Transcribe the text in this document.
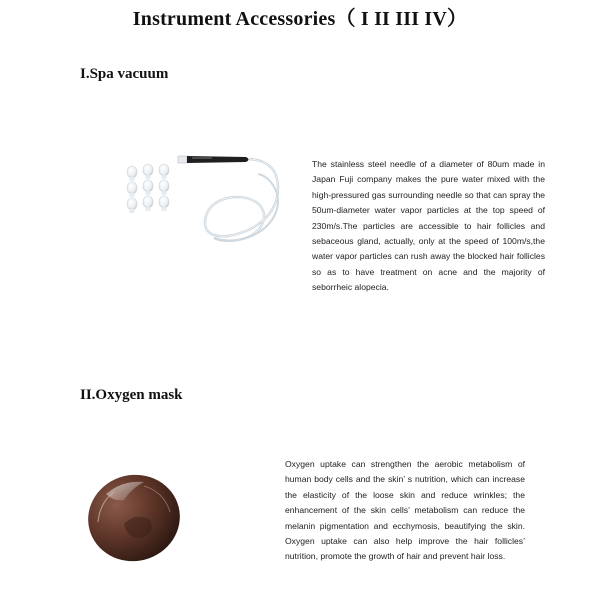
Instrument Accessories（ I II III IV）
I.Spa vacuum
The stainless steel needle of a diameter of 80um made in Japan Fuji company makes the pure water mixed with the high-pressured gas surrounding needle so that can spray the 50um-diameter water vapor particles at the top speed of 230m/s.The particles are accessible to hair follicles and sebaceous gland, actually, only at the speed of 100m/s,the water vapor particles can rush away the blocked hair follicles so as to have treatment on acne and the majority of seborrheic alopecia.
II.Oxygen mask
Oxygen uptake can strengthen the aerobic metabolism of human body cells and the skin’ s nutrition, which can increase the elasticity of the loose skin and reduce wrinkles; the enhancement of the skin cells’ metabolism can reduce the melanin pigmentation and ecchymosis, beautifying the skin. Oxygen uptake can also help improve the hair follicles’ nutrition, promote the growth of hair and prevent hair loss.
